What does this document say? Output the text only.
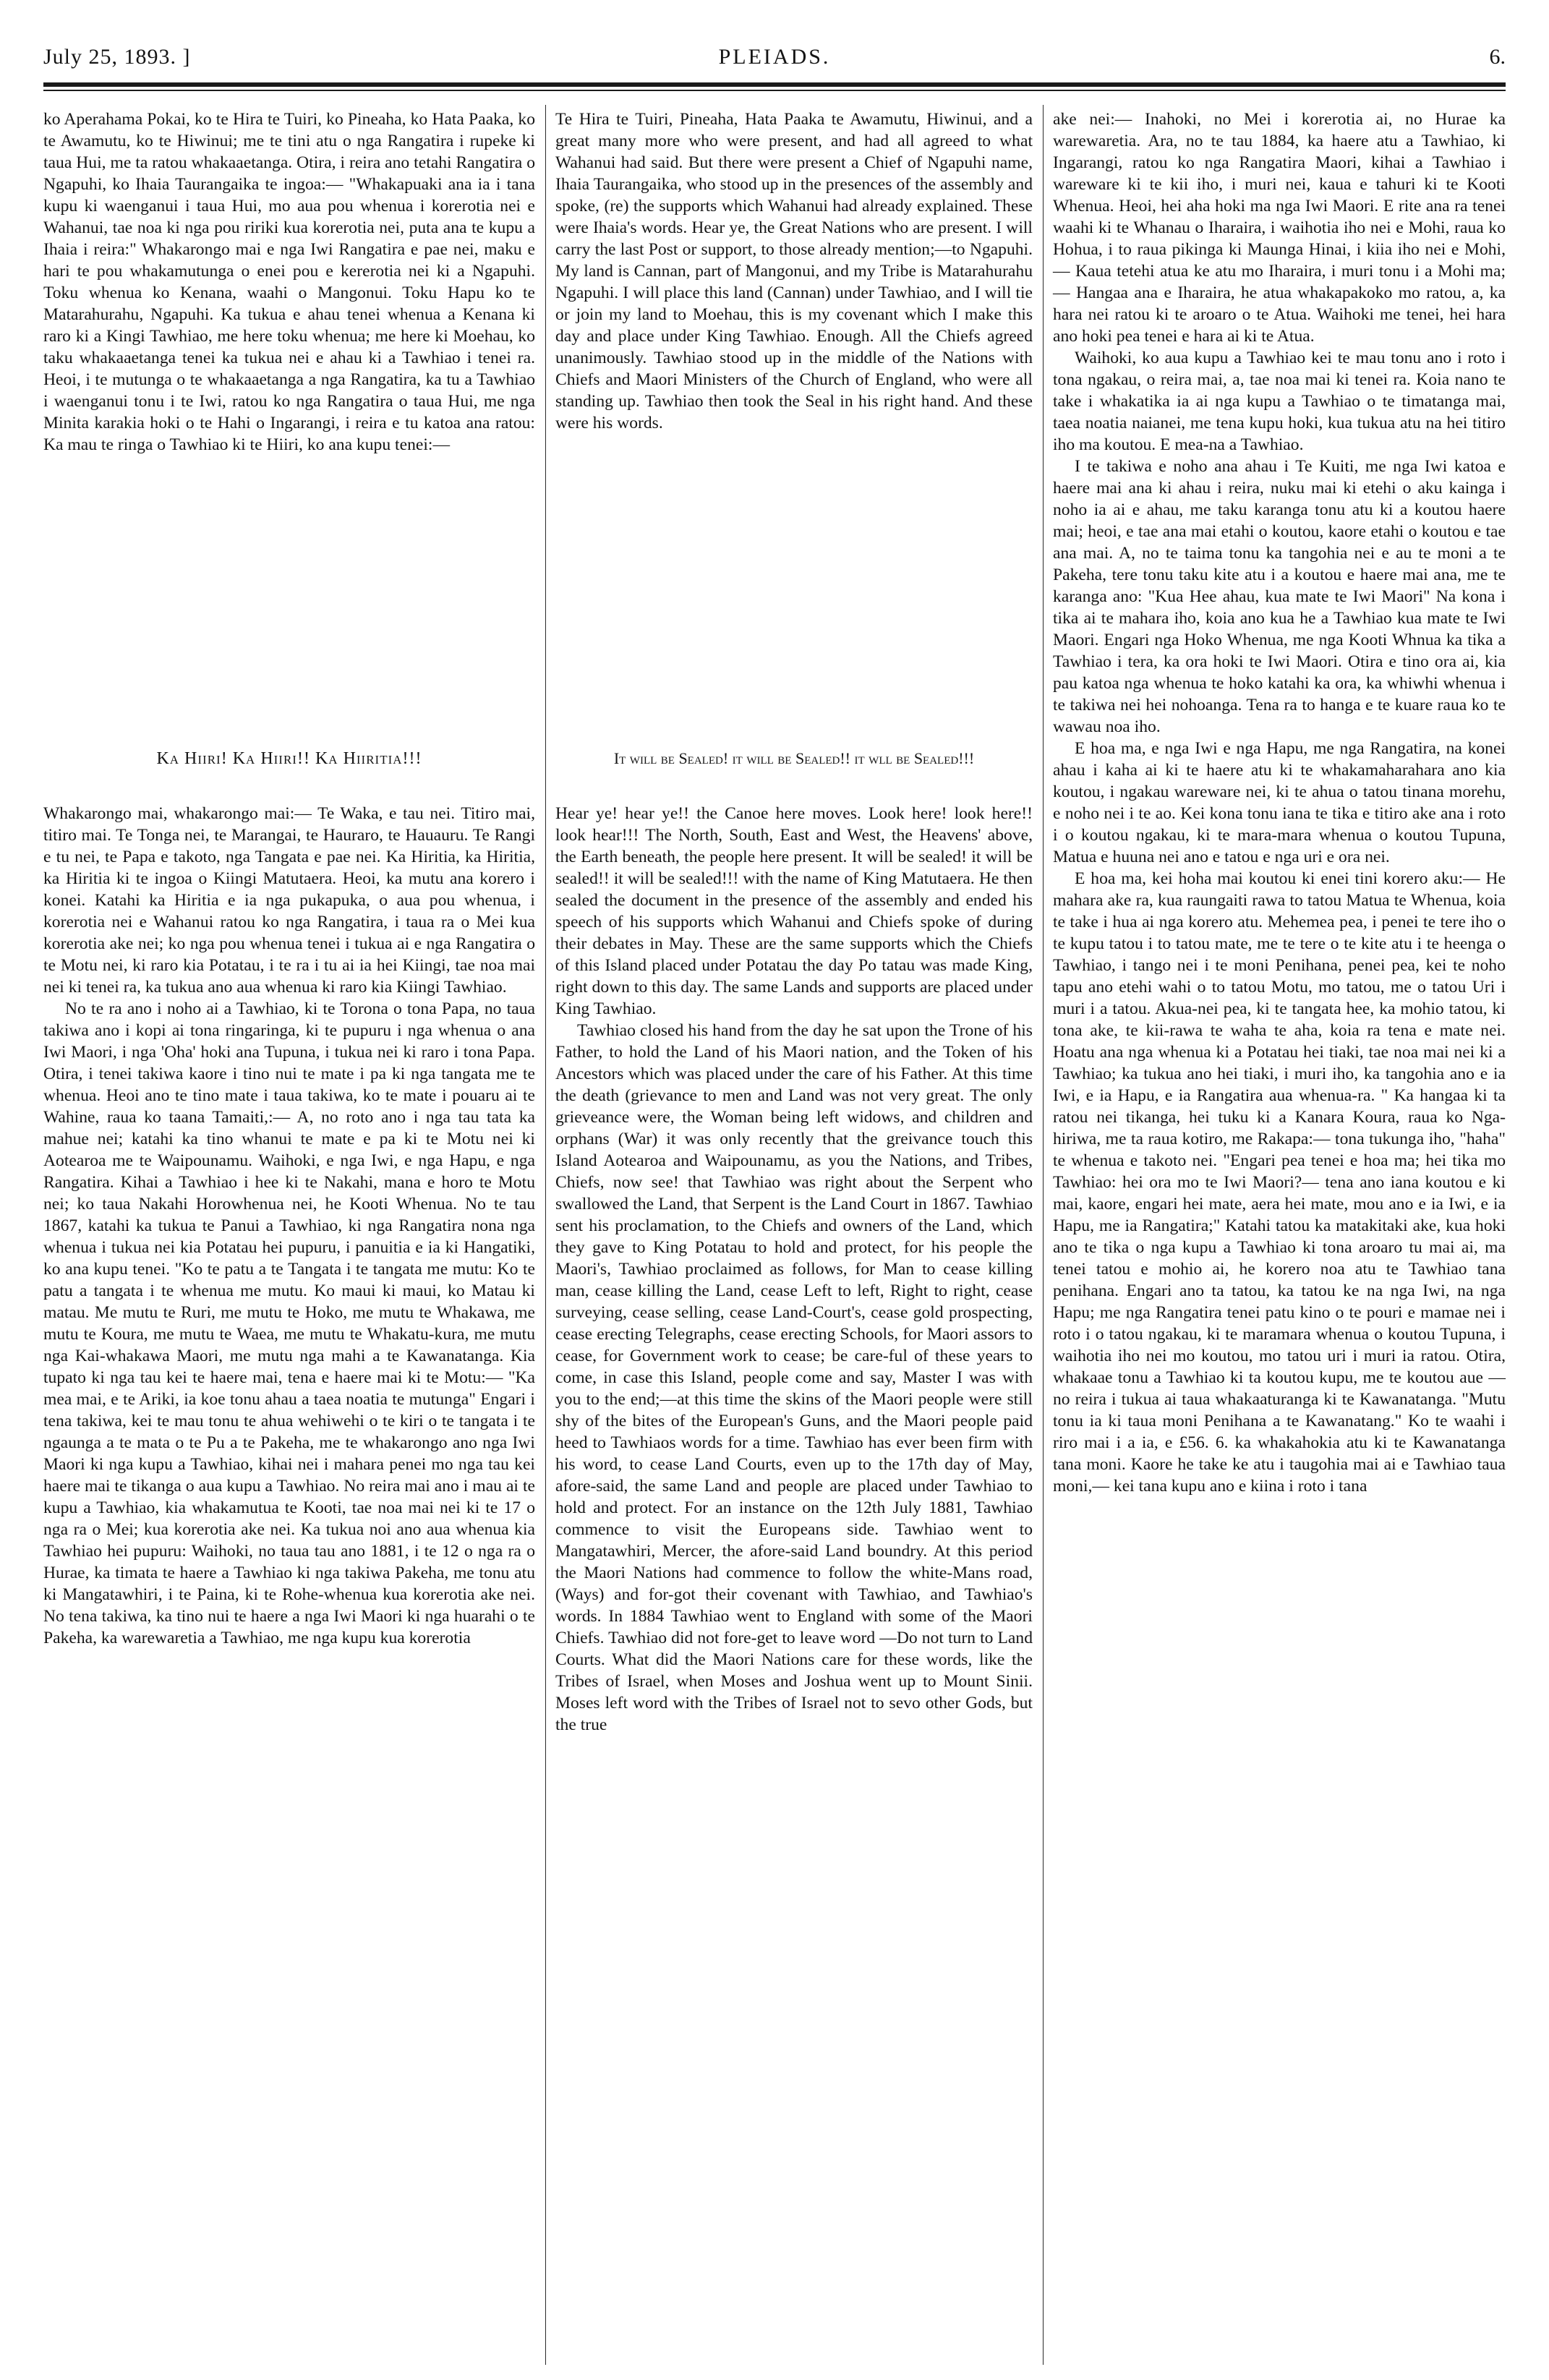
July 25, 1893. ]	PLEIADS.	6.

ko Aperahama Pokai, ko te Hira te Tuiri, ko Pineaha, ko Hata Paaka, ko te Awamutu, ko te Hiwinui; me te tini atu o nga Rangatira i rupeke ki taua Hui, me ta ratou whakaaetanga. Otira, i reira ano tetahi Rangatira o Ngapuhi, ko Ihaia Taurangaika te ingoa:— "Whakapuaki ana ia i tana kupu ki waenganui i taua Hui, mo aua pou whenua i korerotia nei e Wahanui, tae noa ki nga pou ririki kua korerotia nei, puta ana te kupu a Ihaia i reira:" Whakarongo mai e nga Iwi Rangatira e pae nei, maku e hari te pou whakamutunga o enei pou e kererotia nei ki a Ngapuhi. Toku whenua ko Kenana, waahi o Mangonui. Toku Hapu ko te Matarahurahu, Ngapuhi. Ka tukua e ahau tenei whenua a Kenana ki raro ki a Kingi Tawhiao, me here toku whenua; me here ki Moehau, ko taku whakaaetanga tenei ka tukua nei e ahau ki a Tawhiao i tenei ra. Heoi, i te mutunga o te whakaaetanga a nga Rangatira, ka tu a Tawhiao i waenganui tonu i te Iwi, ratou ko nga Rangatira o taua Hui, me nga Minita karakia hoki o te Hahi o Ingarangi, i reira e tu katoa ana ratou: Ka mau te ringa o Tawhiao ki te Hiiri, ko ana kupu tenei:—

Ka Hiiri! Ka Hiiri!! Ka Hiiritia!!!

Whakarongo mai, whakarongo mai:— Te Waka, e tau nei. Titiro mai, titiro mai. Te Tonga nei, te Marangai, te Hauraro, te Hauauru. Te Rangi e tu nei, te Papa e takoto, nga Tangata e pae nei. Ka Hiritia, ka Hiritia, ka Hiritia ki te ingoa o Kiingi Matutaera. Heoi, ka mutu ana korero i konei. Katahi ka Hiritia e ia nga pukapuka, o aua pou whenua, i korerotia nei e Wahanui ratou ko nga Rangatira, i taua ra o Mei kua korerotia ake nei; ko nga pou whenua tenei i tukua ai e nga Rangatira o te Motu nei, ki raro kia Potatau, i te ra i tu ai ia hei Kiingi, tae noa mai nei ki tenei ra, ka tukua ano aua whenua ki raro kia Kiingi Tawhiao.

No te ra ano i noho ai a Tawhiao, ki te Torona o tona Papa, no taua takiwa ano i kopi ai tona ringaringa, ki te pupuru i nga whenua o ana Iwi Maori, i nga 'Oha' hoki ana Tupuna, i tukua nei ki raro i tona Papa. Otira, i tenei takiwa kaore i tino nui te mate i pa ki nga tangata me te whenua. Heoi ano te tino mate i taua takiwa, ko te mate i pouaru ai te Wahine, raua ko taana Tamaiti,:— A, no roto ano i nga tau tata ka mahue nei; katahi ka tino whanui te mate e pa ki te Motu nei ki Aotearoa me te Waipounamu. Waihoki, e nga Iwi, e nga Hapu, e nga Rangatira. Kihai a Tawhiao i hee ki te Nakahi, mana e horo te Motu nei; ko taua Nakahi Horowhenua nei, he Kooti Whenua. No te tau 1867, katahi ka tukua te Panui a Tawhiao, ki nga Rangatira nona nga whenua i tukua nei kia Potatau hei pupuru, i panuitia e ia ki Hangatiki, ko ana kupu tenei. "Ko te patu a te Tangata i te tangata me mutu: Ko te patu a tangata i te whenua me mutu. Ko maui ki maui, ko Matau ki matau. Me mutu te Ruri, me mutu te Hoko, me mutu te Whakawa, me mutu te Koura, me mutu te Waea, me mutu te Whakatu-kura, me mutu nga Kai-whakawa Maori, me mutu nga mahi a te Kawanatanga. Kia tupato ki nga tau kei te haere mai, tena e haere mai ki te Motu:— "Ka mea mai, e te Ariki, ia koe tonu ahau a taea noatia te mutunga" Engari i tena takiwa, kei te mau tonu te ahua wehiwehi o te kiri o te tangata i te ngaunga a te mata o te Pu a te Pakeha, me te whakarongo ano nga Iwi Maori ki nga kupu a Tawhiao, kihai nei i mahara penei mo nga tau kei haere mai te tikanga o aua kupu a Tawhiao. No reira mai ano i mau ai te kupu a Tawhiao, kia whakamutua te Kooti, tae noa mai nei ki te 17 o nga ra o Mei; kua korerotia ake nei. Ka tukua noi ano aua whenua kia Tawhiao hei pupuru: Waihoki, no taua tau ano 1881, i te 12 o nga ra o Hurae, ka timata te haere a Tawhiao ki nga takiwa Pakeha, me tonu atu ki Mangatawhiri, i te Paina, ki te Rohe-whenua kua korerotia ake nei. No tena takiwa, ka tino nui te haere a nga Iwi Maori ki nga huarahi o te Pakeha, ka warewaretia a Tawhiao, me nga kupu kua korerotia

Te Hira te Tuiri, Pineaha, Hata Paaka te Awamutu, Hiwinui, and a great many more who were present, and had all agreed to what Wahanui had said. But there were present a Chief of Ngapuhi name, Ihaia Taurangaika, who stood up in the presences of the assembly and spoke, (re) the supports which Wahanui had already explained. These were Ihaia's words. Hear ye, the Great Nations who are present. I will carry the last Post or support, to those already mention;—to Ngapuhi. My land is Cannan, part of Mangonui, and my Tribe is Matarahurahu Ngapuhi. I will place this land (Cannan) under Tawhiao, and I will tie or join my land to Moehau, this is my covenant which I make this day and place under King Tawhiao. Enough. All the Chiefs agreed unanimously. Tawhiao stood up in the middle of the Nations with Chiefs and Maori Ministers of the Church of England, who were all standing up. Tawhiao then took the Seal in his right hand. And these were his words.

It will be Sealed! it will be Sealed!! it wll be Sealed!!!

Hear ye! hear ye!! the Canoe here moves. Look here! look here!! look hear!!! The North, South, East and West, the Heavens' above, the Earth beneath, the people here present. It will be sealed! it will be sealed!! it will be sealed!!! with the name of King Matutaera. He then sealed the document in the presence of the assembly and ended his speech of his supports which Wahanui and Chiefs spoke of during their debates in May. These are the same supports which the Chiefs of this Island placed under Potatau the day Po tatau was made King, right down to this day. The same Lands and supports are placed under King Tawhiao.

Tawhiao closed his hand from the day he sat upon the Trone of his Father, to hold the Land of his Maori nation, and the Token of his Ancestors which was placed under the care of his Father. At this time the death (grievance to men and Land was not very great. The only grieveance were, the Woman being left widows, and children and orphans (War) it was only recently that the greivance touch this Island Aotearoa and Waipounamu, as you the Nations, and Tribes, Chiefs, now see! that Tawhiao was right about the Serpent who swallowed the Land, that Serpent is the Land Court in 1867. Tawhiao sent his proclamation, to the Chiefs and owners of the Land, which they gave to King Potatau to hold and protect, for his people the Maori's, Tawhiao proclaimed as follows, for Man to cease killing man, cease killing the Land, cease Left to left, Right to right, cease surveying, cease selling, cease Land-Court's, cease gold prospecting, cease erecting Telegraphs, cease erecting Schools, for Maori assors to cease, for Government work to cease; be care-ful of these years to come, in case this Island, people come and say, Master I was with you to the end;—at this time the skins of the Maori people were still shy of the bites of the European's Guns, and the Maori people paid heed to Tawhiaos words for a time. Tawhiao has ever been firm with his word, to cease Land Courts, even up to the 17th day of May, afore-said, the same Land and people are placed under Tawhiao to hold and protect. For an instance on the 12th July 1881, Tawhiao commence to visit the Europeans side. Tawhiao went to Mangatawhiri, Mercer, the afore-said Land boundry. At this period the Maori Nations had commence to follow the white-Mans road, (Ways) and for-got their covenant with Tawhiao, and Tawhiao's words. In 1884 Tawhiao went to England with some of the Maori Chiefs. Tawhiao did not fore-get to leave word —Do not turn to Land Courts. What did the Maori Nations care for these words, like the Tribes of Israel, when Moses and Joshua went up to Mount Sinii. Moses left word with the Tribes of Israel not to sevo other Gods, but the true

ake nei:— Inahoki, no Mei i korerotia ai, no Hurae ka warewaretia. Ara, no te tau 1884, ka haere atu a Tawhiao, ki Ingarangi, ratou ko nga Rangatira Maori, kihai a Tawhiao i wareware ki te kii iho, i muri nei, kaua e tahuri ki te Kooti Whenua. Heoi, hei aha hoki ma nga Iwi Maori. E rite ana ra tenei waahi ki te Whanau o Iharaira, i waihotia iho nei e Mohi, raua ko Hohua, i to raua pikinga ki Maunga Hinai, i kiia iho nei e Mohi,— Kaua tetehi atua ke atu mo Iharaira, i muri tonu i a Mohi ma;— Hangaa ana e Iharaira, he atua whakapakoko mo ratou, a, ka hara nei ratou ki te aroaro o te Atua. Waihoki me tenei, hei hara ano hoki pea tenei e hara ai ki te Atua.

Waihoki, ko aua kupu a Tawhiao kei te mau tonu ano i roto i tona ngakau, o reira mai, a, tae noa mai ki tenei ra. Koia nano te take i whakatika ia ai nga kupu a Tawhiao o te timatanga mai, taea noatia naianei, me tena kupu hoki, kua tukua atu na hei titiro iho ma koutou. E mea-na a Tawhiao.

I te takiwa e noho ana ahau i Te Kuiti, me nga Iwi katoa e haere mai ana ki ahau i reira, nuku mai ki etehi o aku kainga i noho ia ai e ahau, me taku karanga tonu atu ki a koutou haere mai; heoi, e tae ana mai etahi o koutou, kaore etahi o koutou e tae ana mai. A, no te taima tonu ka tangohia nei e au te moni a te Pakeha, tere tonu taku kite atu i a koutou e haere mai ana, me te karanga ano: "Kua Hee ahau, kua mate te Iwi Maori" Na kona i tika ai te mahara iho, koia ano kua he a Tawhiao kua mate te Iwi Maori. Engari nga Hoko Whenua, me nga Kooti Whnua ka tika a Tawhiao i tera, ka ora hoki te Iwi Maori. Otira e tino ora ai, kia pau katoa nga whenua te hoko katahi ka ora, ka whiwhi whenua i te takiwa nei hei nohoanga. Tena ra to hanga e te kuare raua ko te wawau noa iho.

E hoa ma, e nga Iwi e nga Hapu, me nga Rangatira, na konei ahau i kaha ai ki te haere atu ki te whakamaharahara ano kia koutou, i ngakau wareware nei, ki te ahua o tatou tinana morehu, e noho nei i te ao. Kei kona tonu iana te tika e titiro ake ana i roto i o koutou ngakau, ki te mara-mara whenua o koutou Tupuna, Matua e huuna nei ano e tatou e nga uri e ora nei.

E hoa ma, kei hoha mai koutou ki enei tini korero aku:— He mahara ake ra, kua raungaiti rawa to tatou Matua te Whenua, koia te take i hua ai nga korero atu. Mehemea pea, i penei te tere iho o te kupu tatou i to tatou mate, me te tere o te kite atu i te heenga o Tawhiao, i tango nei i te moni Penihana, penei pea, kei te noho tapu ano etehi wahi o to tatou Motu, mo tatou, me o tatou Uri i muri i a tatou. Akua-nei pea, ki te tangata hee, ka mohio tatou, ki tona ake, te kii-rawa te waha te aha, koia ra tena e mate nei. Hoatu ana nga whenua ki a Potatau hei tiaki, tae noa mai nei ki a Tawhiao; ka tukua ano hei tiaki, i muri iho, ka tangohia ano e ia Iwi, e ia Hapu, e ia Rangatira aua whenua-ra. " Ka hangaa ki ta ratou nei tikanga, hei tuku ki a Kanara Koura, raua ko Nga-hiriwa, me ta raua kotiro, me Rakapa:— tona tukunga iho, "haha" te whenua e takoto nei. "Engari pea tenei e hoa ma; hei tika mo Tawhiao: hei ora mo te Iwi Maori?— tena ano iana koutou e ki mai, kaore, engari hei mate, aera hei mate, mou ano e ia Iwi, e ia Hapu, me ia Rangatira;" Katahi tatou ka matakitaki ake, kua hoki ano te tika o nga kupu a Tawhiao ki tona aroaro tu mai ai, ma tenei tatou e mohio ai, he korero noa atu te Tawhiao tana penihana. Engari ano ta tatou, ka tatou ke na nga Iwi, na nga Hapu; me nga Rangatira tenei patu kino o te pouri e mamae nei i roto i o tatou ngakau, ki te maramara whenua o koutou Tupuna, i waihotia iho nei mo koutou, mo tatou uri i muri ia ratou. Otira, whakaae tonu a Tawhiao ki ta koutou kupu, me te koutou aue — no reira i tukua ai taua whakaaturanga ki te Kawanatanga. "Mutu tonu ia ki taua moni Penihana a te Kawanatang." Ko te waahi i riro mai i a ia, e £56. 6. ka whakahokia atu ki te Kawanatanga tana moni. Kaore he take ke atu i taugohia mai ai e Tawhiao taua moni,— kei tana kupu ano e kiina i roto i tana
